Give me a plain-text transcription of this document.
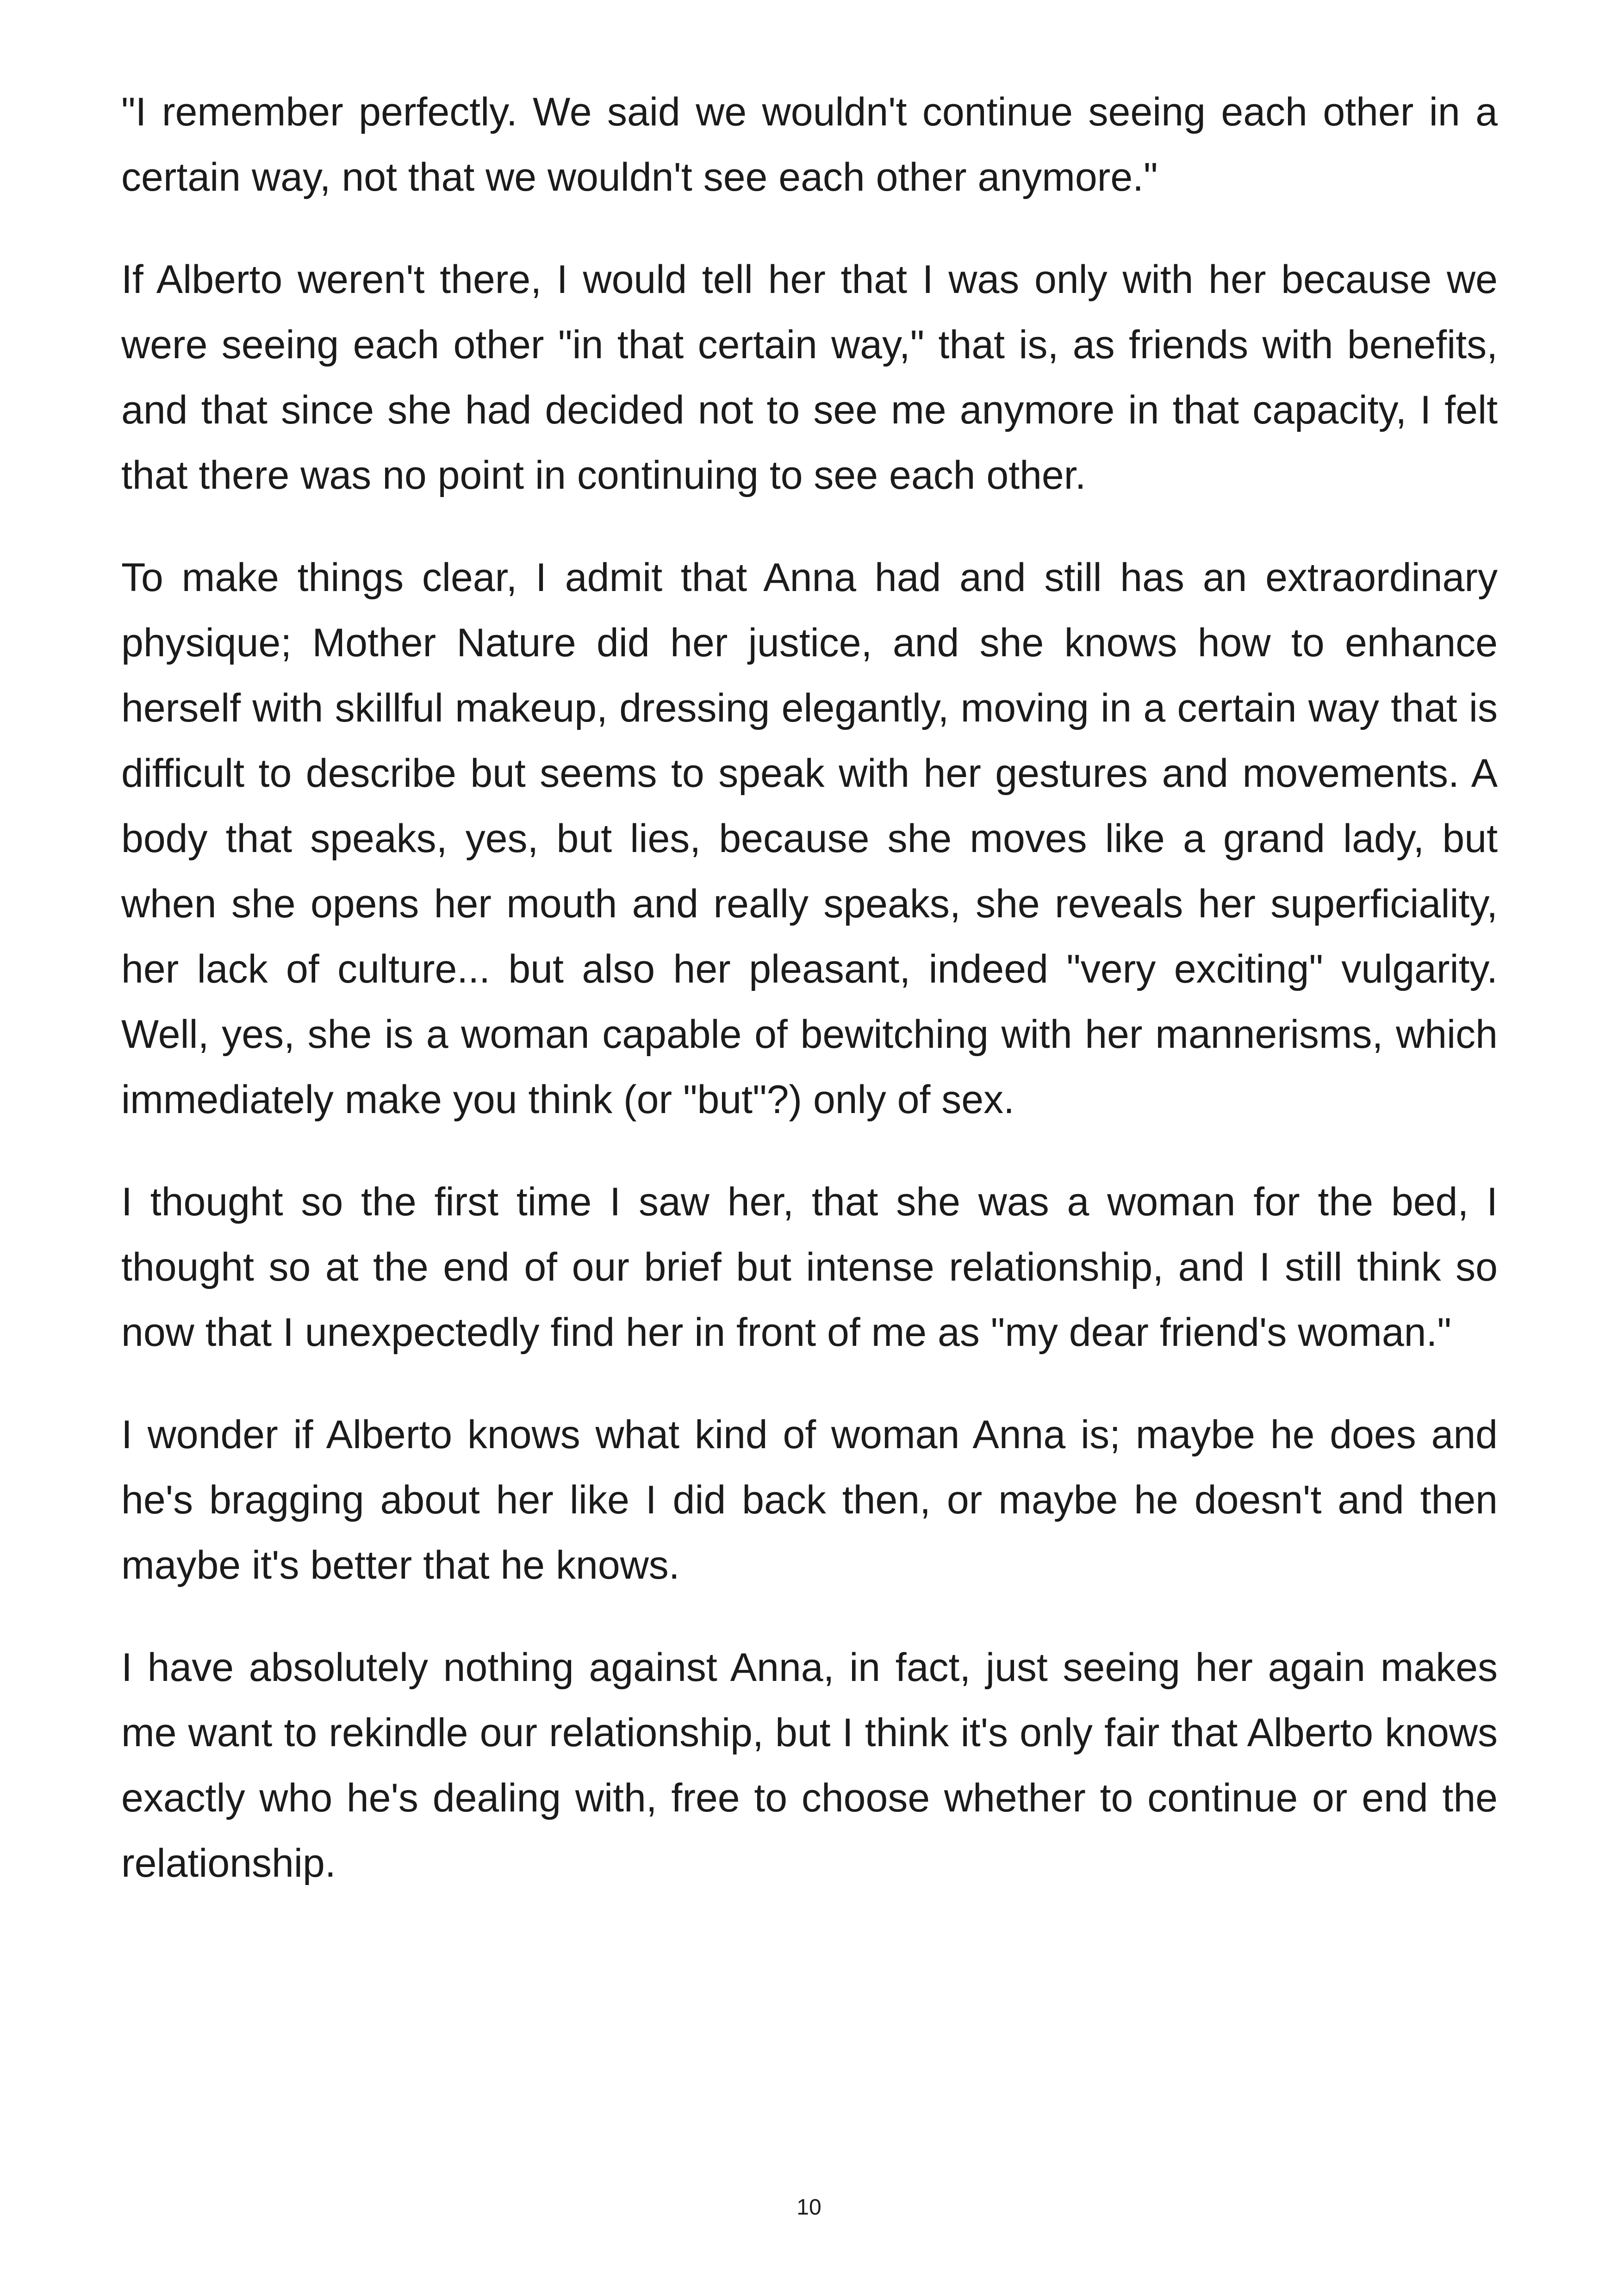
"I remember perfectly. We said we wouldn't continue seeing each other in a certain way, not that we wouldn't see each other anymore."

If Alberto weren't there, I would tell her that I was only with her because we were seeing each other "in that certain way," that is, as friends with benefits, and that since she had decided not to see me anymore in that capacity, I felt that there was no point in continuing to see each other.

To make things clear, I admit that Anna had and still has an extraordinary physique; Mother Nature did her justice, and she knows how to enhance herself with skillful makeup, dressing elegantly, moving in a certain way that is difficult to describe but seems to speak with her gestures and movements. A body that speaks, yes, but lies, because she moves like a grand lady, but when she opens her mouth and really speaks, she reveals her superficiality, her lack of culture... but also her pleasant, indeed "very exciting" vulgarity. Well, yes, she is a woman capable of bewitching with her mannerisms, which immediately make you think (or "but"?) only of sex.

I thought so the first time I saw her, that she was a woman for the bed, I thought so at the end of our brief but intense relationship, and I still think so now that I unexpectedly find her in front of me as "my dear friend's woman."

I wonder if Alberto knows what kind of woman Anna is; maybe he does and he's bragging about her like I did back then, or maybe he doesn't and then maybe it's better that he knows.

I have absolutely nothing against Anna, in fact, just seeing her again makes me want to rekindle our relationship, but I think it's only fair that Alberto knows exactly who he's dealing with, free to choose whether to continue or end the relationship.

10
